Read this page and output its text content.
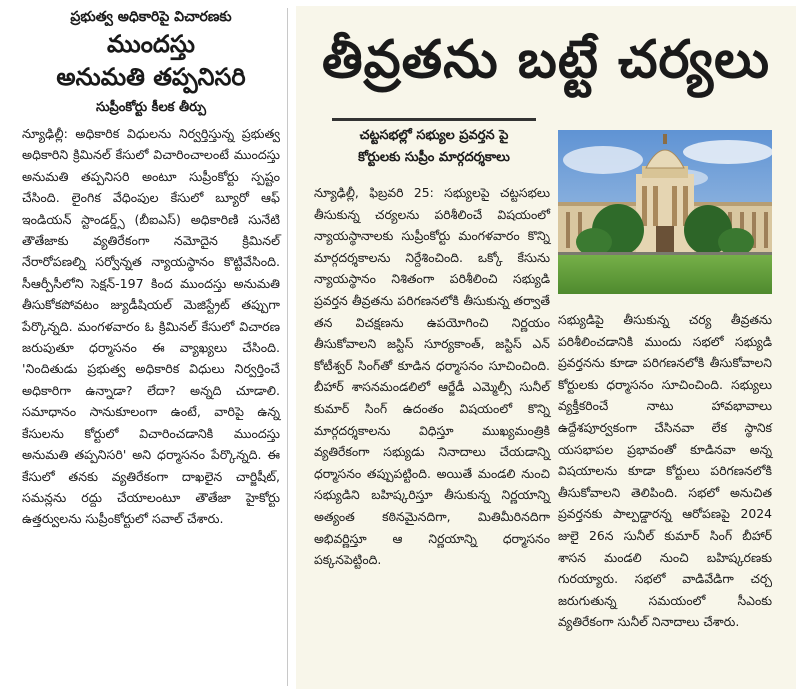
ప్రభుత్వ అధికారిపై విచారణకు
ముందస్తు
అనుమతి తప్పనిసరి
సుప్రీంకోర్టు కీలక తీర్పు

న్యూఢిల్లీ: అధికారిక విధులను నిర్వర్తిస్తున్న ప్రభుత్వ అధికారిని క్రిమినల్ కేసులో విచారించాలంటే ముందస్తు అనుమతి తప్పనిసరి అంటూ సుప్రీంకోర్టు స్పష్టం చేసింది. లైంగిక వేధింపుల కేసులో బ్యూరో ఆఫ్ ఇండియన్ స్టాండర్డ్స్ (బీఐఎస్) అధికారిణి సునేటి తౌతేజాకు వ్యతిరేకంగా నమోదైన క్రిమినల్ నేరారోపణల్ని సర్వోన్నత న్యాయస్థానం కొట్టివేసింది. సీఆర్పీసీలోని సెక్షన్-197 కింద ముందస్తు అనుమతి తీసుకోకపోవటం జ్యుడీషియల్ మెజిస్ట్రేట్ తప్పుగా పేర్కొన్నది. మంగళవారం ఓ క్రిమినల్ కేసులో విచారణ జరుపుతూ ధర్మాసనం ఈ వ్యాఖ్యలు చేసింది. 'నిందితుడు ప్రభుత్వ అధికారిక విధులు నిర్వర్తించే అధికారిగా ఉన్నాడా? లేదా? అన్నది చూడాలి. సమాధానం సానుకూలంగా ఉంటే, వారిపై ఉన్న కేసులను కోర్టులో విచారించడానికి ముందస్తు అనుమతి తప్పనిసరి' అని ధర్మాసనం పేర్కొన్నది. ఈ కేసులో తనకు వ్యతిరేకంగా దాఖలైన చార్జిషీట్, సమన్లను రద్దు చేయాలంటూ తౌతేజా హైకోర్టు ఉత్తర్వులను సుప్రీంకోర్టులో సవాల్ చేశారు.

తీవ్రతను బట్టే చర్యలు
చట్టసభల్లో సభ్యుల ప్రవర్తన పై
కోర్టులకు సుప్రీం మార్గదర్శకాలు

న్యూఢిల్లీ, ఫిబ్రవరి 25: సభ్యులపై చట్టసభలు తీసుకున్న చర్యలను పరిశీలించే విషయంలో న్యాయస్థానాలకు సుప్రీంకోర్టు మంగళవారం కొన్ని మార్గదర్శకాలను నిర్దేశించింది. ఒక్కో కేసును న్యాయస్థానం నిశితంగా పరిశీలించి సభ్యుడి ప్రవర్తన తీవ్రతను పరిగణనలోకి తీసుకున్న తర్వాతే తన విచక్షణను ఉపయోగించి నిర్ణయం తీసుకోవాలని జస్టిస్ సూర్యకాంత్, జస్టిస్ ఎన్ కోటీశ్వర్ సింగ్‌తో కూడిన ధర్మాసనం సూచించింది. బీహార్ శాసనమండలిలో ఆర్జేడీ ఎమ్మెల్సీ సునీల్ కుమార్ సింగ్ ఉదంతం విషయంలో కొన్ని మార్గదర్శకాలను విధిస్తూ ముఖ్యమంత్రికి వ్యతిరేకంగా సభ్యుడు నినాదాలు చేయడాన్ని ధర్మాసనం తప్పుపట్టింది. అయితే మండలి నుంచి సభ్యుడిని బహిష్కరిస్తూ తీసుకున్న నిర్ణయాన్ని అత్యంత కఠినమైనదిగా, మితిమీరినదిగా అభివర్ణిస్తూ ఆ నిర్ణయాన్ని ధర్మాసనం పక్కనపెట్టింది.

సభ్యుడిపై తీసుకున్న చర్య తీవ్రతను పరిశీలించడానికి ముందు సభలో సభ్యుడి ప్రవర్తనను కూడా పరిగణనలోకి తీసుకోవాలని కోర్టులకు ధర్మాసనం సూచించింది. సభ్యులు వ్యక్తీకరించే నాటు హావభావాలు ఉద్దేశపూర్వకంగా చేసినవా లేక స్థానిక యసభాపల ప్రభావంతో కూడినవా అన్న విషయాలను కూడా కోర్టులు పరిగణనలోకి తీసుకోవాలని తెలిపింది. సభలో అనుచిత ప్రవర్తనకు పాల్పడ్డారన్న ఆరోపణపై 2024 జులై 26న సునీల్ కుమార్ సింగ్ బీహార్ శాసన మండలి నుంచి బహిష్కరణకు గురయ్యారు. సభలో వాడివేడిగా చర్చ జరుగుతున్న సమయంలో సీఎంకు వ్యతిరేకంగా సునీల్ నినాదాలు చేశారు.
